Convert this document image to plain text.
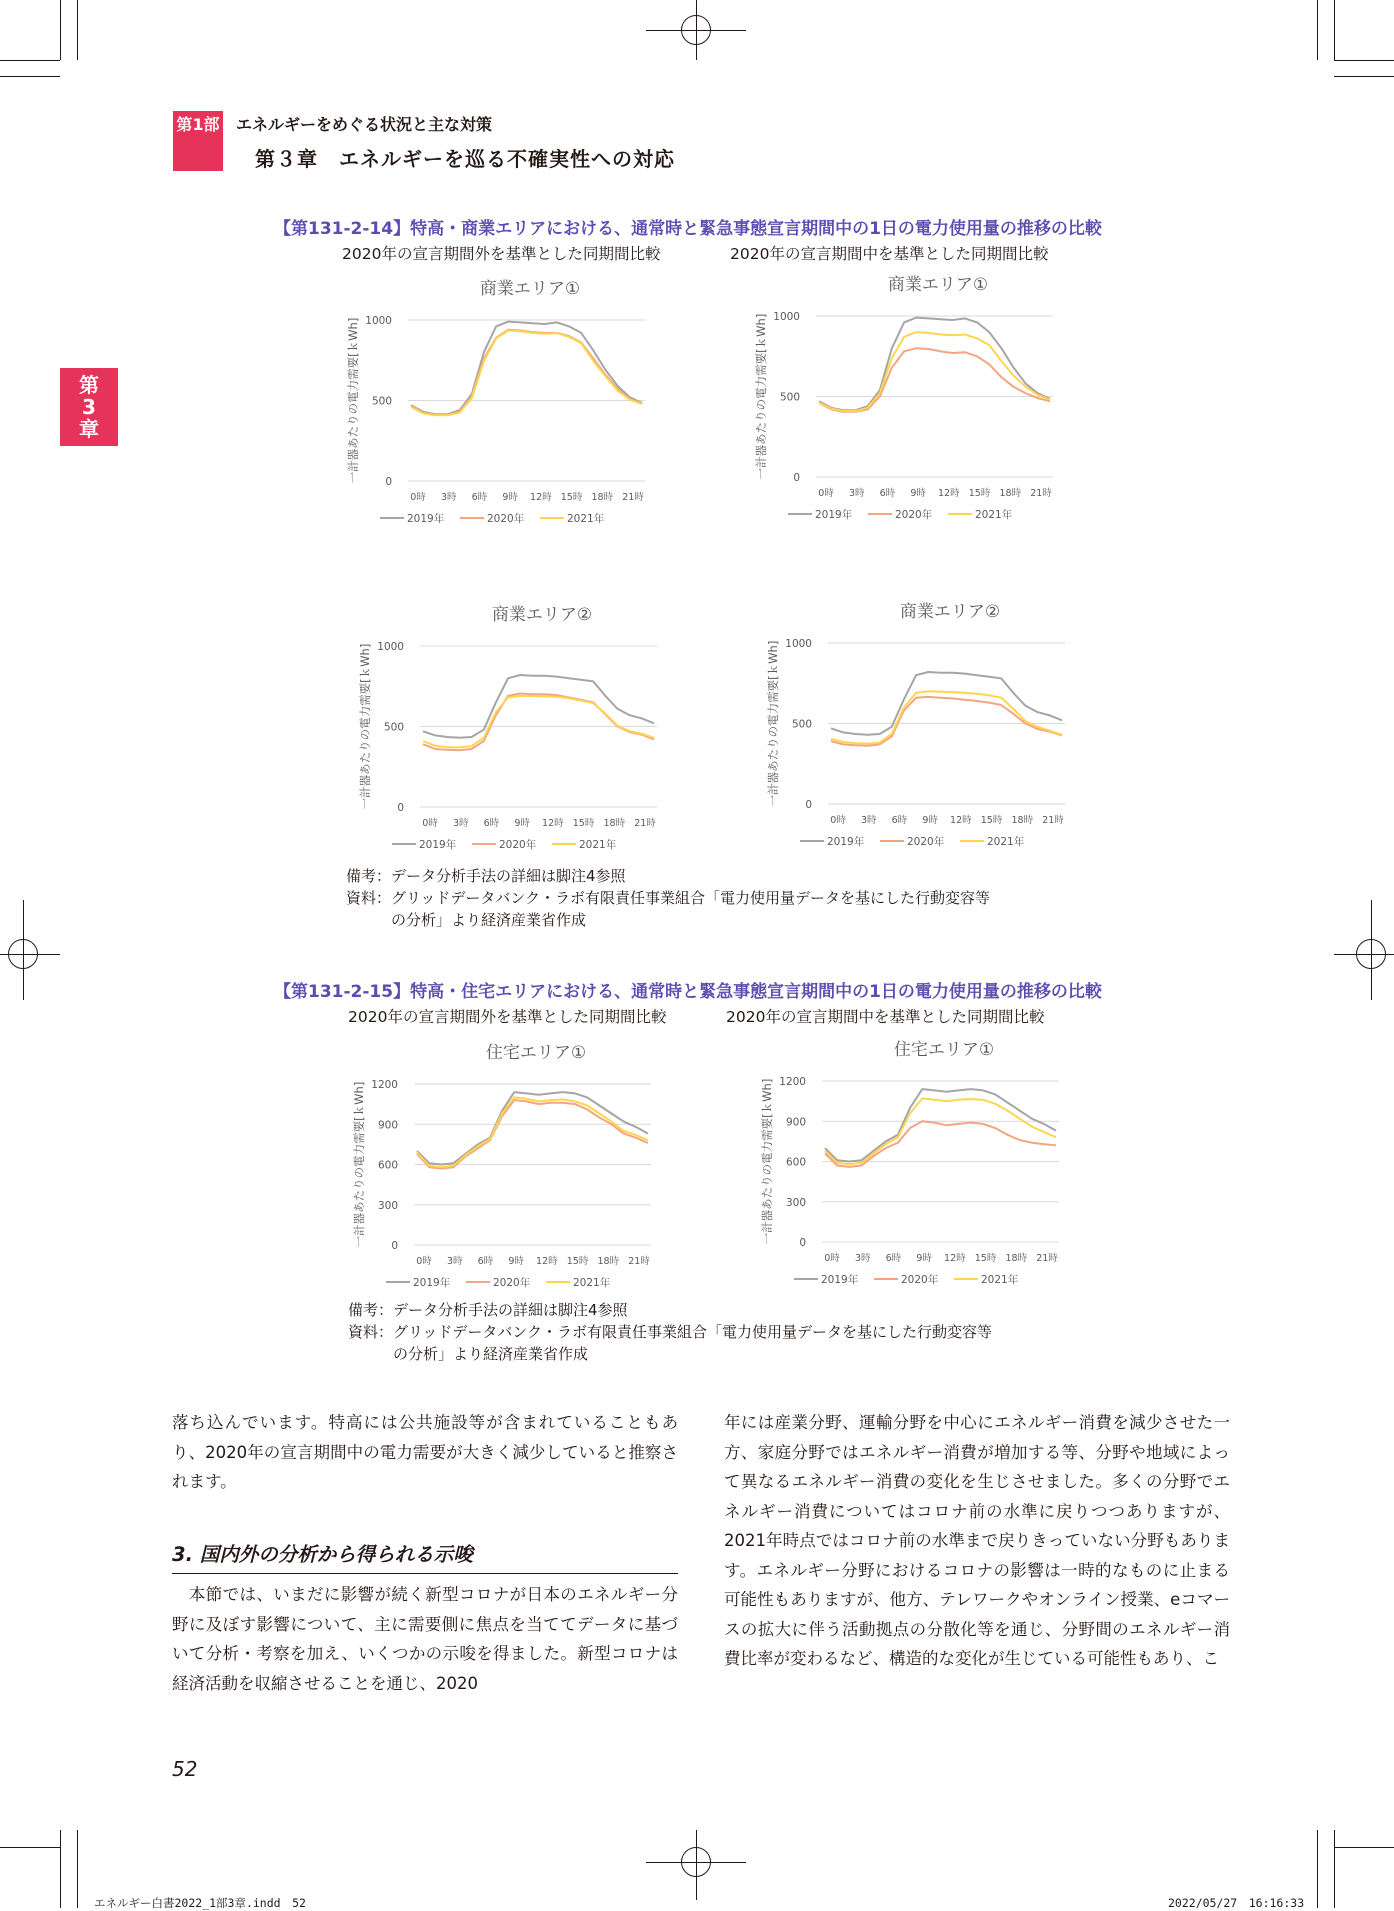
第1部 エネルギーをめぐる状況と主な対策
第３章　エネルギーを巡る不確実性への対応
第
3
章
【第131-2-14】特高・商業エリアにおける、通常時と緊急事態宣言期間中の1日の電力使用量の推移の比較
2020年の宣言期間外を基準とした同期間比較	2020年の宣言期間中を基準とした同期間比較
商業エリア①
一計器あたりの電力需要[ｋWh] 0
500
1000
0時 3時 6時 9時 12時 15時 18時 21時
2019年	2020年	2021年
商業エリア①
一計器あたりの電力需要[ｋWh] 0
500
1000
0時 3時 6時 9時 12時 15時 18時 21時
2019年	2020年	2021年
商業エリア②
一計器あたりの電力需要[ｋWh] 0
500
1000
0時 3時 6時 9時 12時 15時 18時 21時
2019年	2020年	2021年
商業エリア②
一計器あたりの電力需要[ｋWh] 0
500
1000
0時 3時 6時 9時 12時 15時 18時 21時
2019年	2020年	2021年
備考：データ分析手法の詳細は脚注4参照
資料：グリッドデータバンク・ラボ有限責任事業組合「電力使用量データを基にした行動変容等
　　　の分析」より経済産業省作成
【第131-2-15】特高・住宅エリアにおける、通常時と緊急事態宣言期間中の1日の電力使用量の推移の比較
2020年の宣言期間外を基準とした同期間比較	2020年の宣言期間中を基準とした同期間比較
住宅エリア①
一計器あたりの電力需要[ｋWh] 0
300
600
900
1200
0時 3時 6時 9時 12時 15時 18時 21時
2019年	2020年	2021年
住宅エリア①
一計器あたりの電力需要[ｋWh] 0
300
600
900
1200
0時 3時 6時 9時 12時 15時 18時 21時
2019年	2020年	2021年
備考：データ分析手法の詳細は脚注4参照
資料：グリッドデータバンク・ラボ有限責任事業組合「電力使用量データを基にした行動変容等
　　　の分析」より経済産業省作成
落ち込んでいます。特高には公共施設等が含まれていることもあり、2020年の宣言期間中の電力需要が大きく減少していると推察されます。
3. 国内外の分析から得られる示唆
　本節では、いまだに影響が続く新型コロナが日本のエネルギー分野に及ぼす影響について、主に需要側に焦点を当ててデータに基づいて分析・考察を加え、いくつかの示唆を得ました。新型コロナは経済活動を収縮させることを通じ、2020
年には産業分野、運輸分野を中心にエネルギー消費を減少させた一方、家庭分野ではエネルギー消費が増加する等、分野や地域によって異なるエネルギー消費の変化を生じさせました。多くの分野でエネルギー消費についてはコロナ前の水準に戻りつつありますが、2021年時点ではコロナ前の水準まで戻りきっていない分野もあります。エネルギー分野におけるコロナの影響は一時的なものに止まる可能性もありますが、他方、テレワークやオンライン授業、eコマースの拡大に伴う活動拠点の分散化等を通じ、分野間のエネルギー消費比率が変わるなど、構造的な変化が生じている可能性もあり、こ
52
エネルギー白書2022_1部3章.indd　52	2022/05/27　16:16:33
